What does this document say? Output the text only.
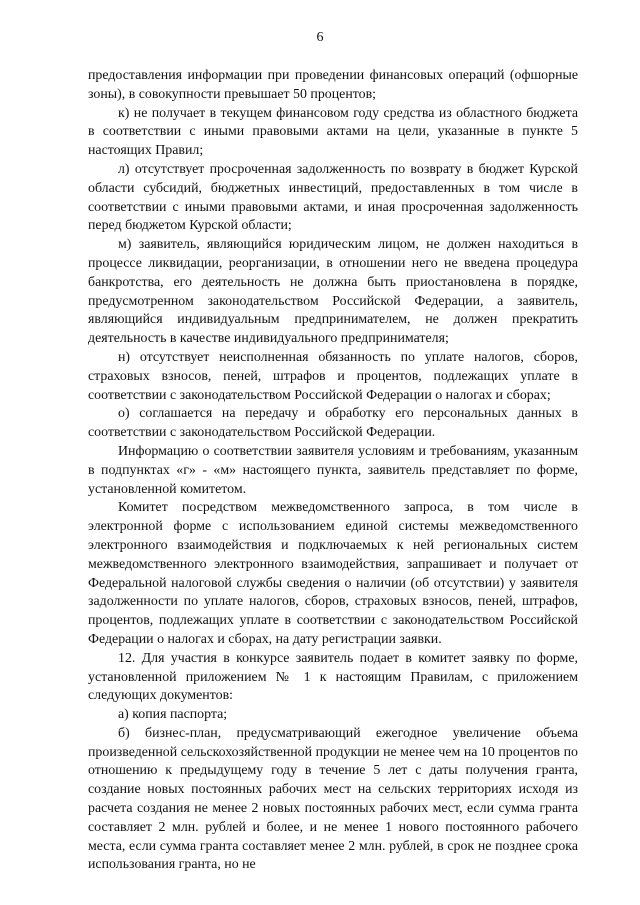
6

предоставления информации при проведении финансовых операций (офшорные зоны), в совокупности превышает 50 процентов;

к) не получает в текущем финансовом году средства из областного бюджета в соответствии с иными правовыми актами на цели, указанные в пункте 5 настоящих Правил;

л) отсутствует просроченная задолженность по возврату в бюджет Курской области субсидий, бюджетных инвестиций, предоставленных в том числе в соответствии с иными правовыми актами, и иная просроченная задолженность перед бюджетом Курской области;

м) заявитель, являющийся юридическим лицом, не должен находиться в процессе ликвидации, реорганизации, в отношении него не введена процедура банкротства, его деятельность не должна быть приостановлена в порядке, предусмотренном законодательством Российской Федерации, а заявитель, являющийся индивидуальным предпринимателем, не должен прекратить деятельность в качестве индивидуального предпринимателя;

н) отсутствует неисполненная обязанность по уплате налогов, сборов, страховых взносов, пеней, штрафов и процентов, подлежащих уплате в соответствии с законодательством Российской Федерации о налогах и сборах;

о) соглашается на передачу и обработку его персональных данных в соответствии с законодательством Российской Федерации.

Информацию о соответствии заявителя условиям и требованиям, указанным в подпунктах «г» - «м» настоящего пункта, заявитель представляет по форме, установленной комитетом.

Комитет посредством межведомственного запроса, в том числе в электронной форме с использованием единой системы межведомственного электронного взаимодействия и подключаемых к ней региональных систем межведомственного электронного взаимодействия, запрашивает и получает от Федеральной налоговой службы сведения о наличии (об отсутствии) у заявителя задолженности по уплате налогов, сборов, страховых взносов, пеней, штрафов, процентов, подлежащих уплате в соответствии с законодательством Российской Федерации о налогах и сборах, на дату регистрации заявки.

12. Для участия в конкурсе заявитель подает в комитет заявку по форме, установленной приложением № 1 к настоящим Правилам, с приложением следующих документов:

а) копия паспорта;

б) бизнес-план, предусматривающий ежегодное увеличение объема произведенной сельскохозяйственной продукции не менее чем на 10 процентов по отношению к предыдущему году в течение 5 лет с даты получения гранта, создание новых постоянных рабочих мест на сельских территориях исходя из расчета создания не менее 2 новых постоянных рабочих мест, если сумма гранта составляет 2 млн. рублей и более, и не менее 1 нового постоянного рабочего места, если сумма гранта составляет менее 2 млн. рублей, в срок не позднее срока использования гранта, но не
